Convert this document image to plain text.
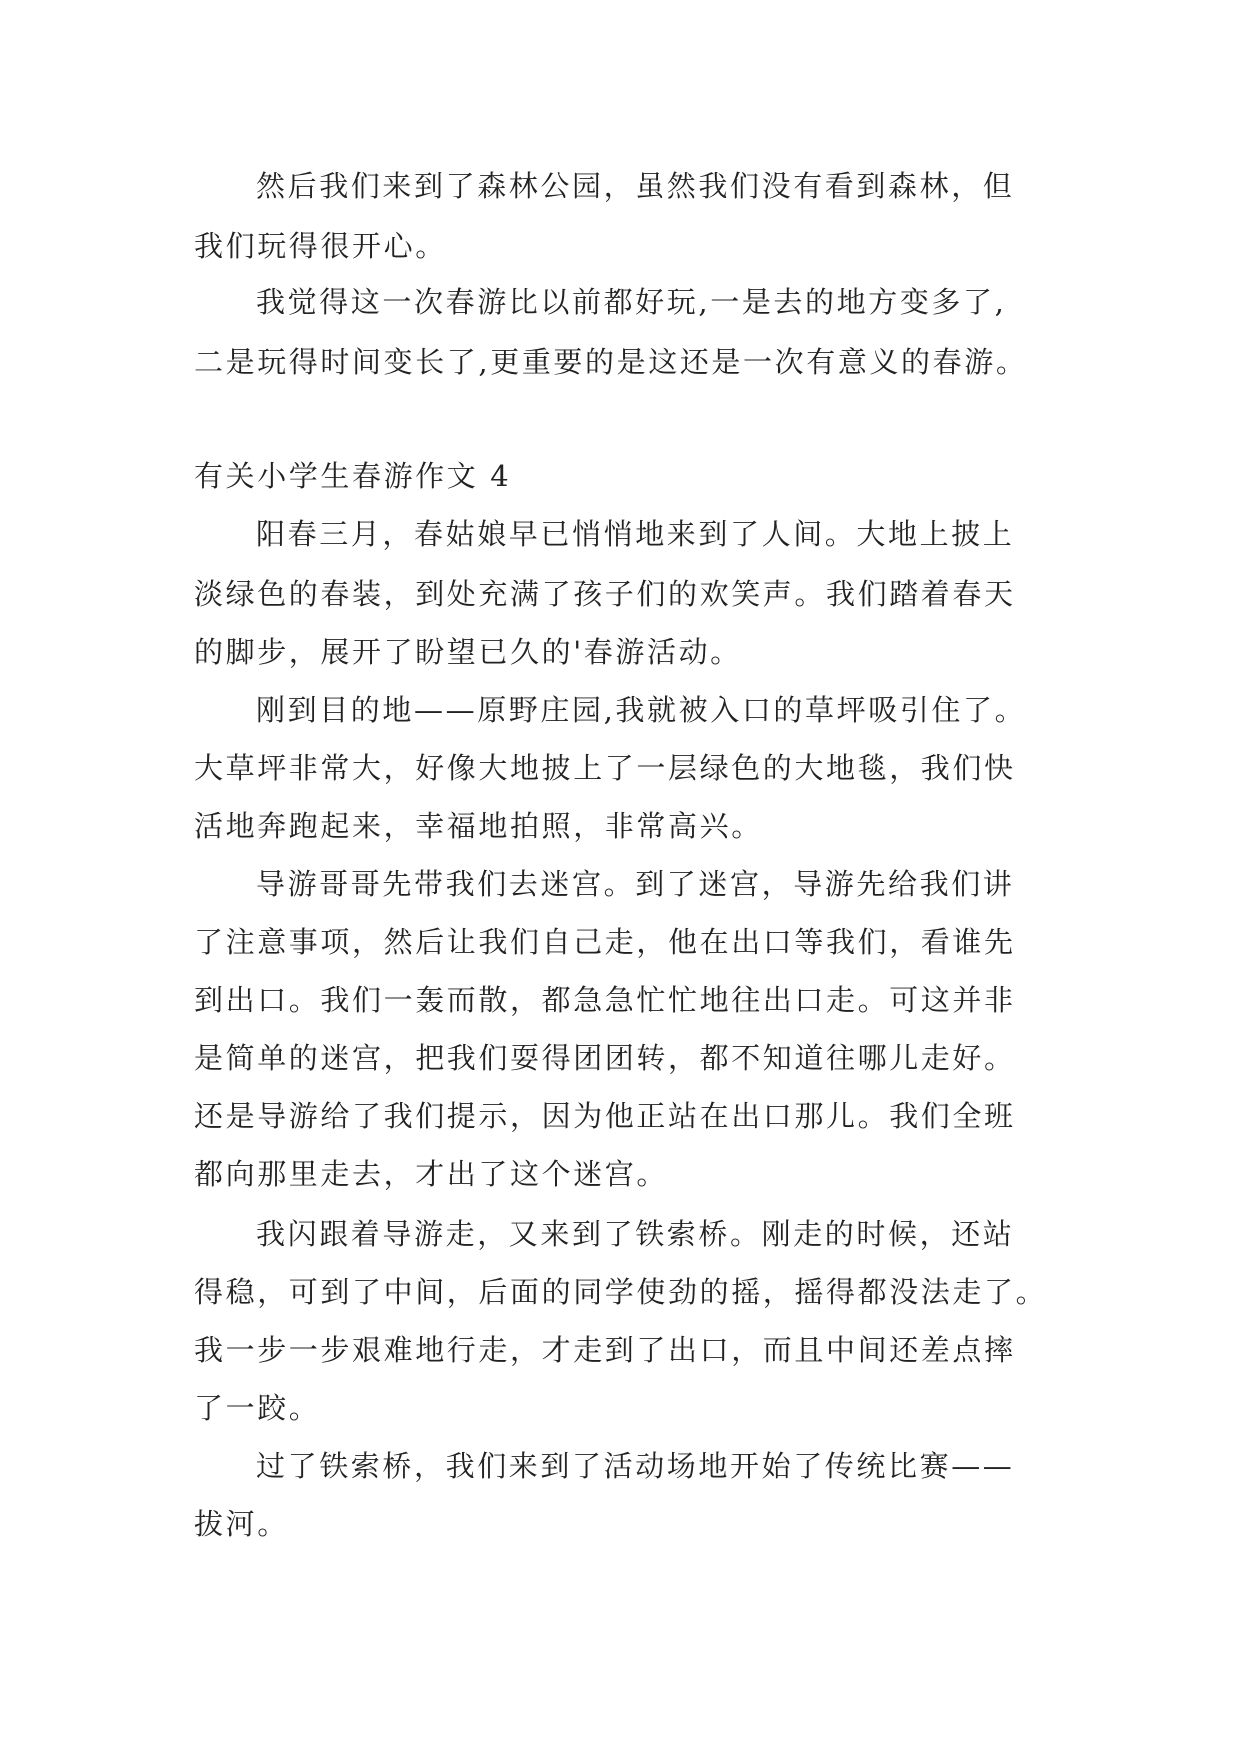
然后我们来到了森林公园，虽然我们没有看到森林，但
我们玩得很开心。
我觉得这一次春游比以前都好玩,一是去的地方变多了,
二是玩得时间变长了,更重要的是这还是一次有意义的春游。
有关小学生春游作文 4
阳春三月，春姑娘早已悄悄地来到了人间。大地上披上
淡绿色的春装，到处充满了孩子们的欢笑声。我们踏着春天
的脚步，展开了盼望已久的'春游活动。
刚到目的地——原野庄园,我就被入口的草坪吸引住了。
大草坪非常大，好像大地披上了一层绿色的大地毯，我们快
活地奔跑起来，幸福地拍照，非常高兴。
导游哥哥先带我们去迷宫。到了迷宫，导游先给我们讲
了注意事项，然后让我们自己走，他在出口等我们，看谁先
到出口。我们一轰而散，都急急忙忙地往出口走。可这并非
是简单的迷宫，把我们耍得团团转，都不知道往哪儿走好。
还是导游给了我们提示，因为他正站在出口那儿。我们全班
都向那里走去，才出了这个迷宫。
我闪跟着导游走，又来到了铁索桥。刚走的时候，还站
得稳，可到了中间，后面的同学使劲的摇，摇得都没法走了。
我一步一步艰难地行走，才走到了出口，而且中间还差点摔
了一跤。
过了铁索桥，我们来到了活动场地开始了传统比赛——
拔河。
